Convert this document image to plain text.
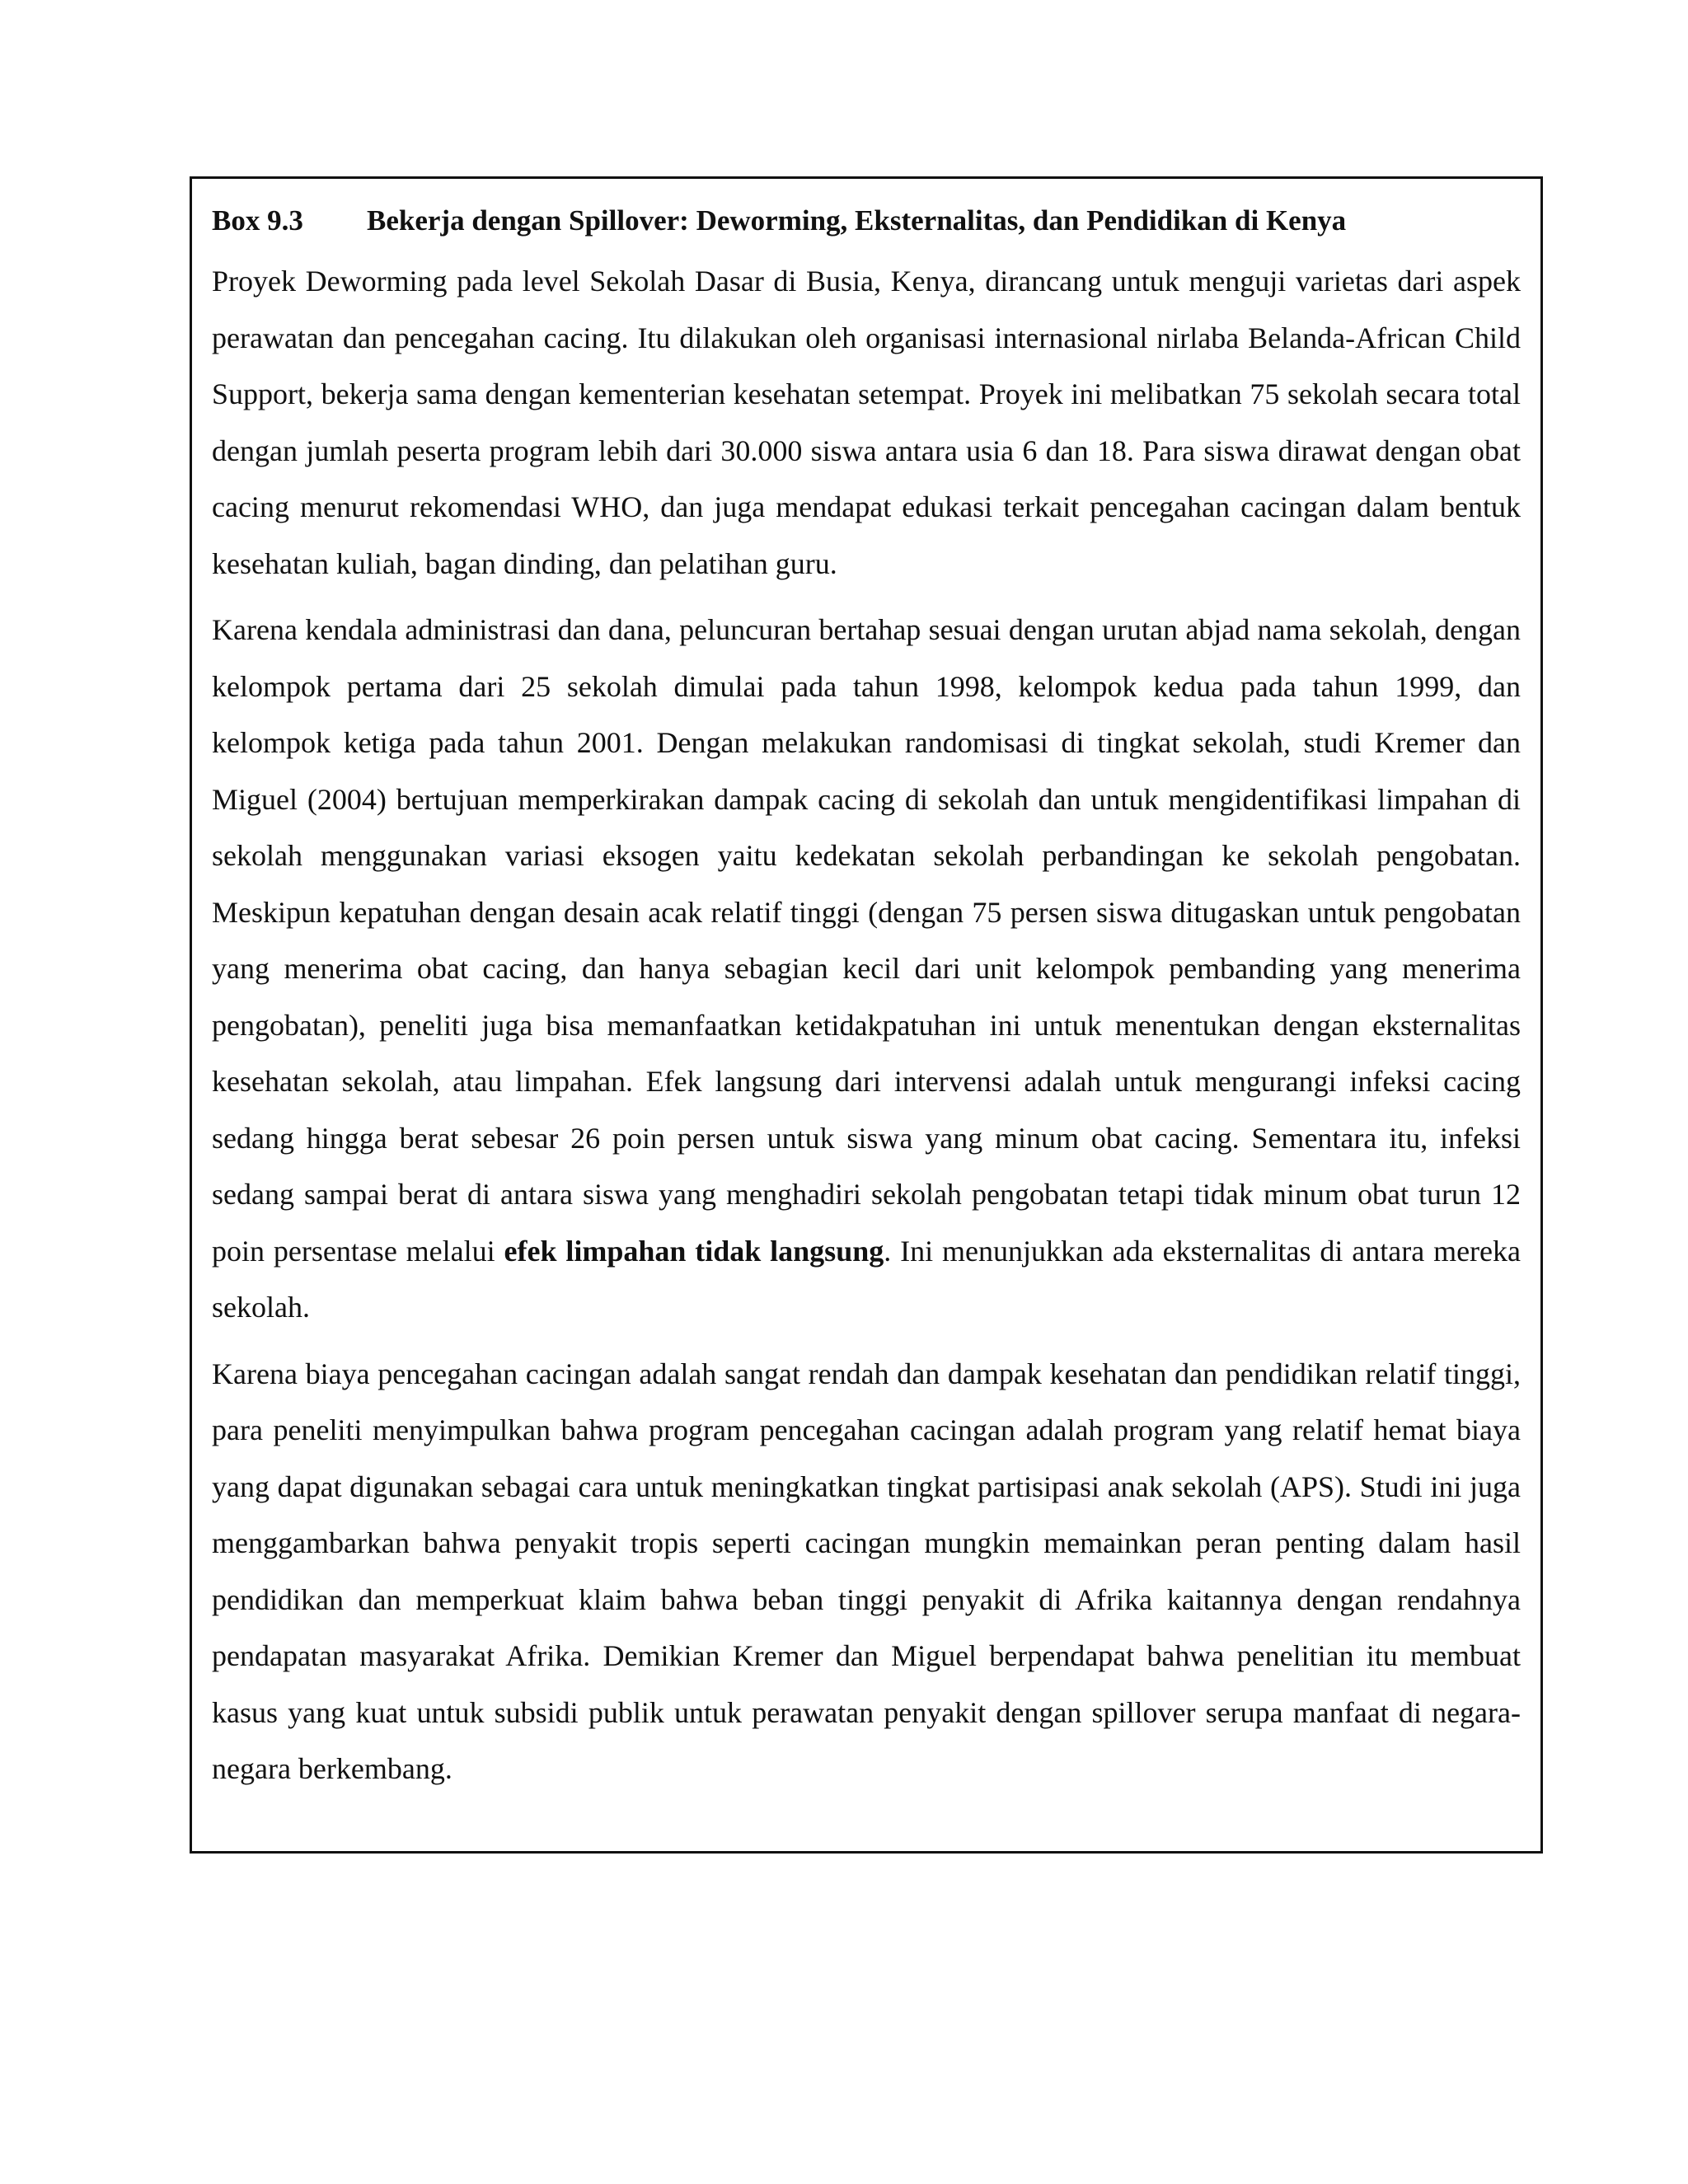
Box 9.3 Bekerja dengan Spillover: Deworming, Eksternalitas, dan Pendidikan di Kenya

Proyek Deworming pada level Sekolah Dasar di Busia, Kenya, dirancang untuk menguji varietas dari aspek perawatan dan pencegahan cacing. Itu dilakukan oleh organisasi internasional nirlaba Belanda-African Child Support, bekerja sama dengan kementerian kesehatan setempat. Proyek ini melibatkan 75 sekolah secara total dengan jumlah peserta program lebih dari 30.000 siswa antara usia 6 dan 18. Para siswa dirawat dengan obat cacing menurut rekomendasi WHO, dan juga mendapat edukasi terkait pencegahan cacingan dalam bentuk kesehatan kuliah, bagan dinding, dan pelatihan guru.

Karena kendala administrasi dan dana, peluncuran bertahap sesuai dengan urutan abjad nama sekolah, dengan kelompok pertama dari 25 sekolah dimulai pada tahun 1998, kelompok kedua pada tahun 1999, dan kelompok ketiga pada tahun 2001. Dengan melakukan randomisasi di tingkat sekolah, studi Kremer dan Miguel (2004) bertujuan memperkirakan dampak cacing di sekolah dan untuk mengidentifikasi limpahan di sekolah menggunakan variasi eksogen yaitu kedekatan sekolah perbandingan ke sekolah pengobatan. Meskipun kepatuhan dengan desain acak relatif tinggi (dengan 75 persen siswa ditugaskan untuk pengobatan yang menerima obat cacing, dan hanya sebagian kecil dari unit kelompok pembanding yang menerima pengobatan), peneliti juga bisa memanfaatkan ketidakpatuhan ini untuk menentukan dengan eksternalitas kesehatan sekolah, atau limpahan. Efek langsung dari intervensi adalah untuk mengurangi infeksi cacing sedang hingga berat sebesar 26 poin persen untuk siswa yang minum obat cacing. Sementara itu, infeksi sedang sampai berat di antara siswa yang menghadiri sekolah pengobatan tetapi tidak minum obat turun 12 poin persentase melalui efek limpahan tidak langsung. Ini menunjukkan ada eksternalitas di antara mereka sekolah.

Karena biaya pencegahan cacingan adalah sangat rendah dan dampak kesehatan dan pendidikan relatif tinggi, para peneliti menyimpulkan bahwa program pencegahan cacingan adalah program yang relatif hemat biaya yang dapat digunakan sebagai cara untuk meningkatkan tingkat partisipasi anak sekolah (APS). Studi ini juga menggambarkan bahwa penyakit tropis seperti cacingan mungkin memainkan peran penting dalam hasil pendidikan dan memperkuat klaim bahwa beban tinggi penyakit di Afrika kaitannya dengan rendahnya pendapatan masyarakat Afrika. Demikian Kremer dan Miguel berpendapat bahwa penelitian itu membuat kasus yang kuat untuk subsidi publik untuk perawatan penyakit dengan spillover serupa manfaat di negara-negara berkembang.
